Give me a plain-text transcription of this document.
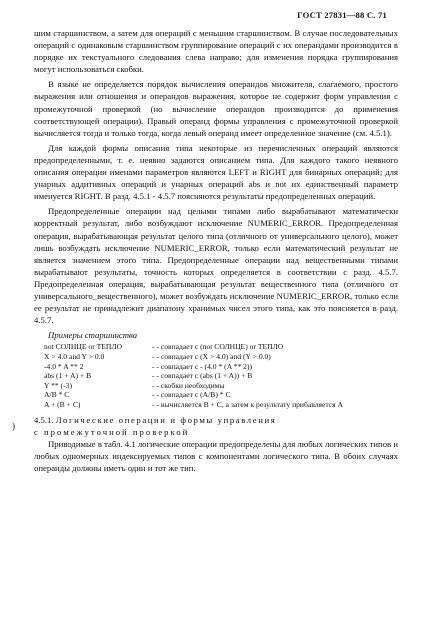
ГОСТ 27831—88 С. 71
)

шим старшинством, а затем для операций с меньшим старшинством. В случае последовательных операций с одинаковым старшинством группирование операций с их операндами производится в порядке их текстуального следования слева направо; для изменения порядка группирования могут использоваться скобки.

В языке не определяется порядок вычисления операндов множителя, слагаемого, простого выражения или отношения и операндов выражения, которое не содержит форм управления с промежуточной проверкой (но вычисление операндов производится до применения соответствующей операции). Правый операнд формы управления с промежуточной проверкой вычисляется тогда и только тогда, когда левый операнд имеет определенное значение (см. 4.5.1).

Для каждой формы описания типа некоторые из перечисленных операций являются предопределенными, т. е. неявно задаются описанием типа. Для каждого такого неявного описания операции именами параметров являются LEFT и RIGHT для бинарных операций; для унарных аддитивных операций и унарных операций abs и not их единственный параметр именуется RIGHT. В разд. 4.5.1 - 4.5.7 поясняются результаты предопределенных операций.

Предопределенные операции над целыми типами либо вырабатывают математически корректный результат, либо возбуждают исключение NUMERIC_ERROR. Предопределенная операция, вырабатывающая результат целого типа (отличного от универсального целого), может лишь возбуждать исключение NUMERIC_ERROR, только если математический результат не является значением этого типа. Предопределенные операции над вещественными типами вырабатывают результаты, точность которых определяется в соответствии с разд. 4.5.7. Предопределенная операция, вырабатывающая результат вещественного типа (отличного от универсального_вещественного), может возбуждать исключение NUMERIC_ERROR, только если ее результат не принадлежит диапазону хранимых чисел этого типа, как это поясняется в разд. 4.5.7.

Примеры старшинства
not СОЛНЦЕ or ТЕПЛО	- - совпадает с (not СОЛНЦЕ) or ТЕПЛО
X > 4.0 and Y > 0.0	- - совпадает с (X > 4.0) and (Y > 0.0)
-4.0 * A ** 2	- - совпадает с - (4.0 * (A ** 2))
abs (1 + A) + B	- - совпадает с (abs (1 + A)) + B
Y ** (-3)	- - скобки необходимы
A/B * C	- - совпадает с (A/B) * C
A + (B + C)	- - вычисляется B + C, а затем к результату прибавляется A
4.5.1. Логические операции и формы управления
с промежуточной проверкой

Приводимые в табл. 4.1 логические операции предопределены для любых логических типов и любых одномерных индексируемых типов с компонентами логического типа. В обоих случаях операнды должны иметь один и тот же тип.
